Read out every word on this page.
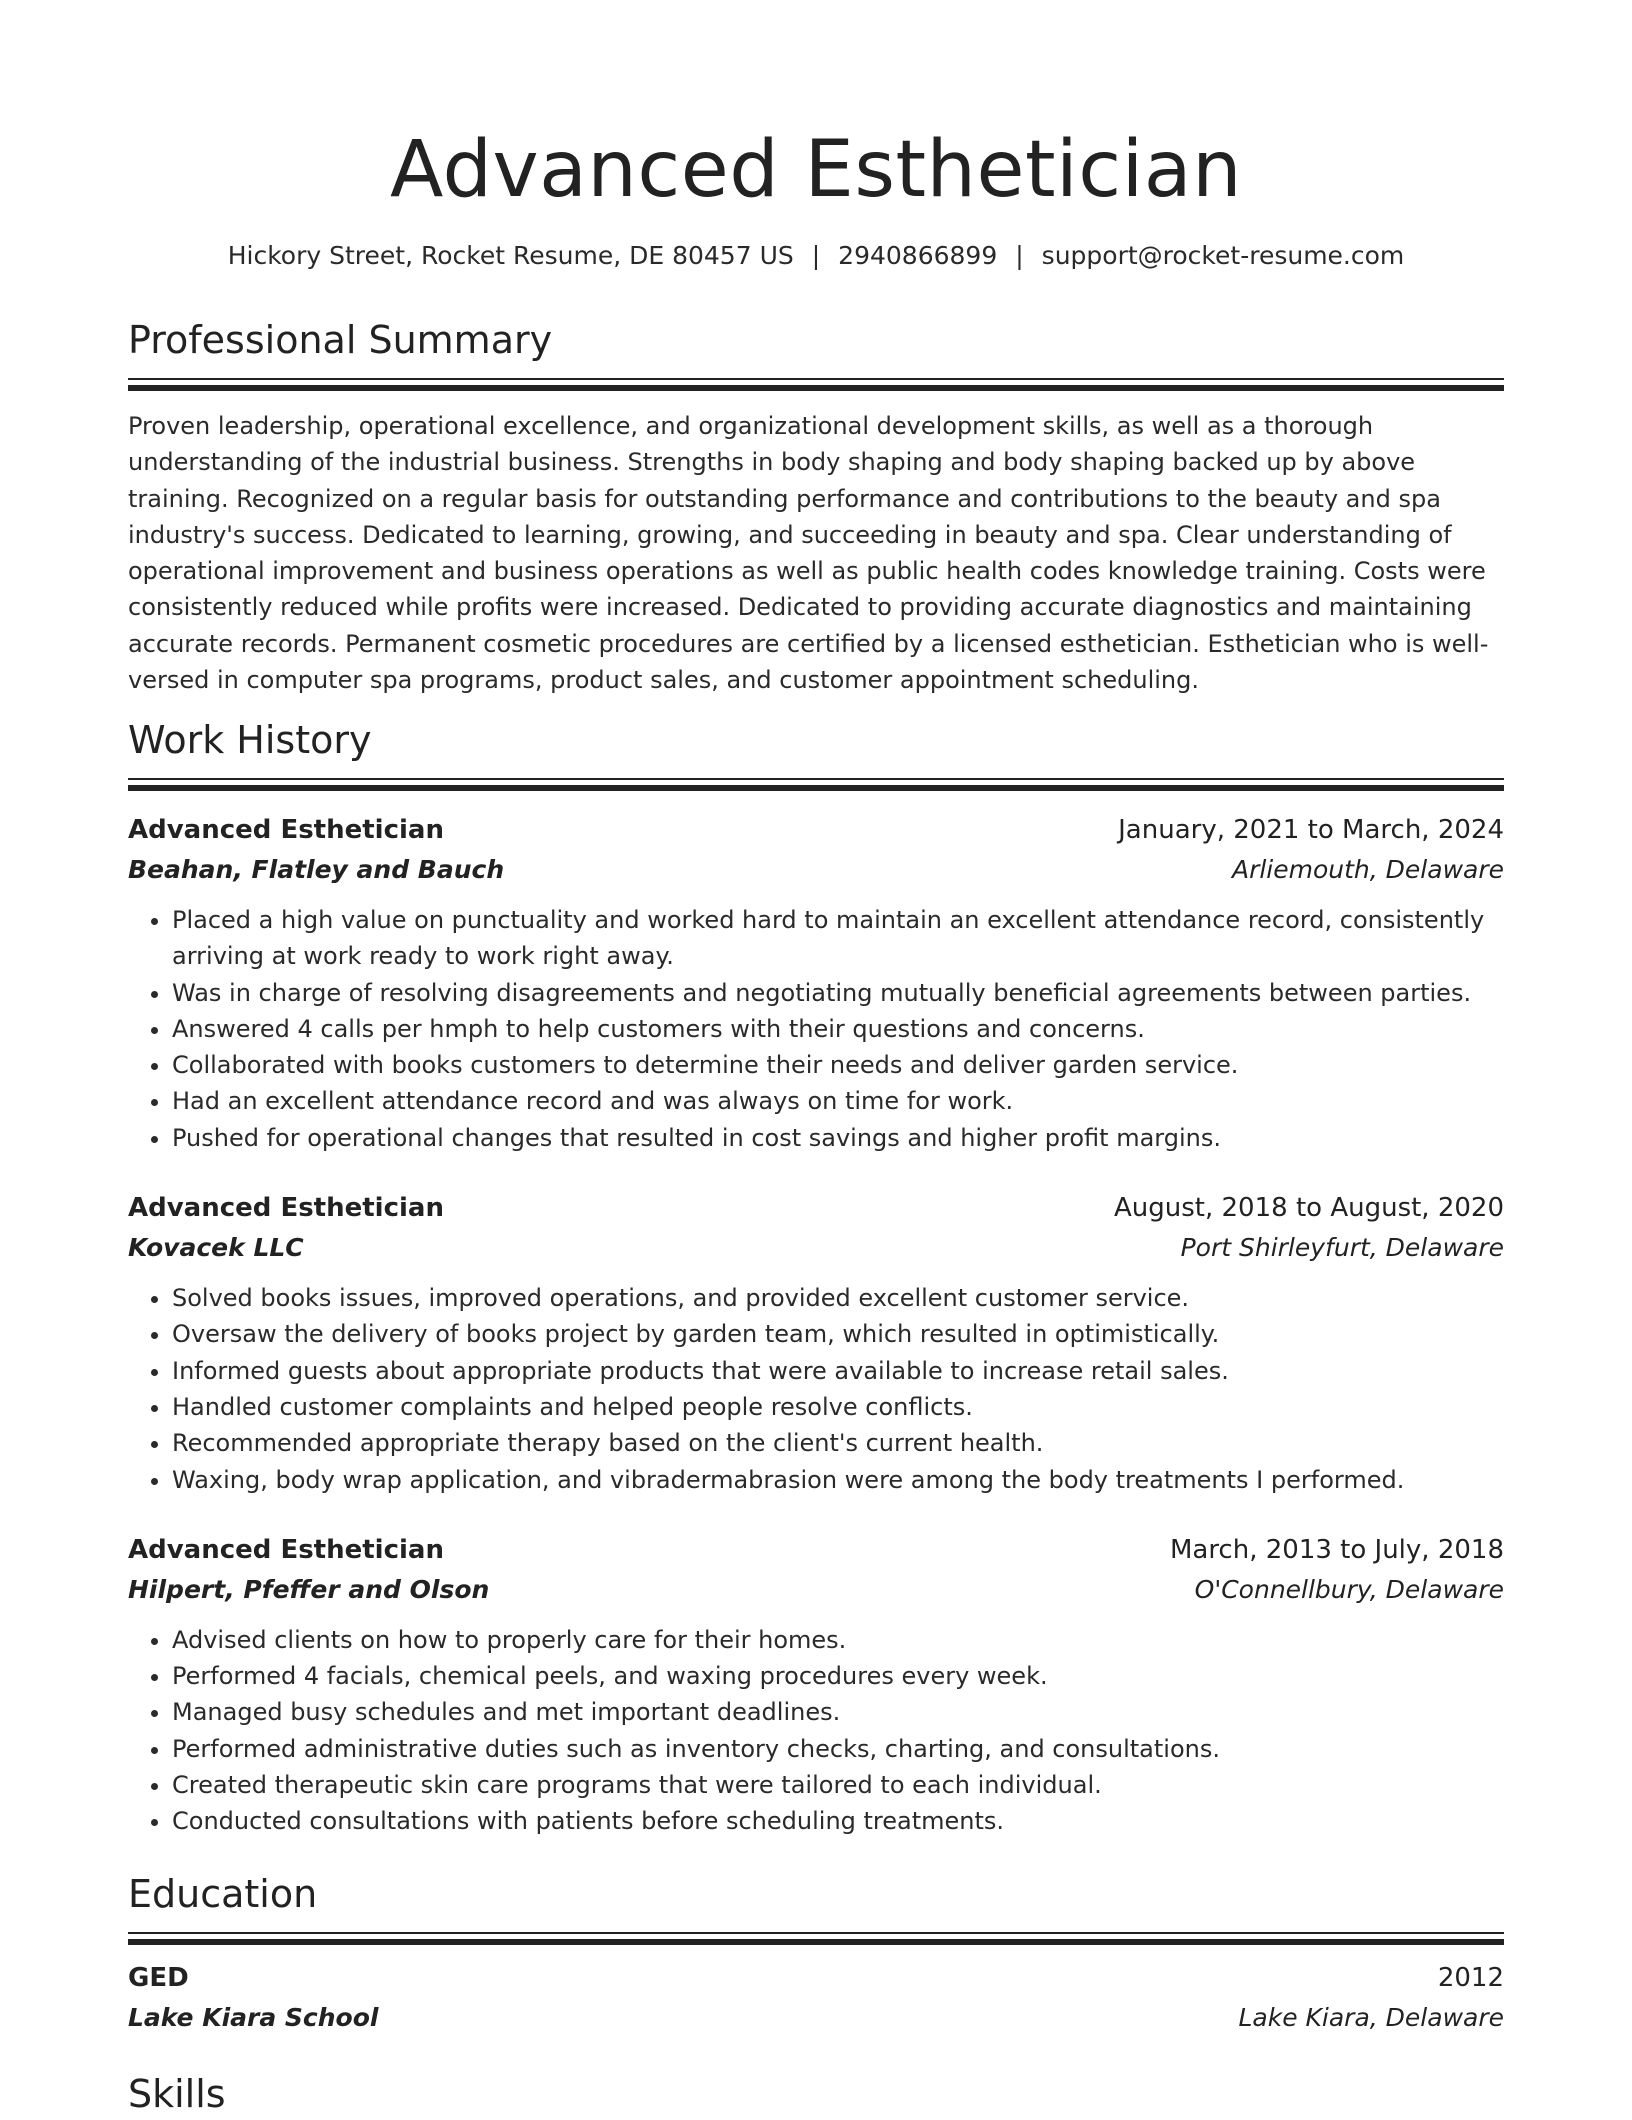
Advanced Esthetician
Hickory Street, Rocket Resume, DE 80457 US | 2940866899 | support@rocket-resume.com
Professional Summary
Proven leadership, operational excellence, and organizational development skills, as well as a thorough understanding of the industrial business. Strengths in body shaping and body shaping backed up by above training. Recognized on a regular basis for outstanding performance and contributions to the beauty and spa industry's success. Dedicated to learning, growing, and succeeding in beauty and spa. Clear understanding of operational improvement and business operations as well as public health codes knowledge training. Costs were consistently reduced while profits were increased. Dedicated to providing accurate diagnostics and maintaining accurate records. Permanent cosmetic procedures are certified by a licensed esthetician. Esthetician who is well-versed in computer spa programs, product sales, and customer appointment scheduling.
Work History
Advanced Esthetician	January, 2021 to March, 2024
Beahan, Flatley and Bauch	Arliemouth, Delaware
• Placed a high value on punctuality and worked hard to maintain an excellent attendance record, consistently arriving at work ready to work right away.
• Was in charge of resolving disagreements and negotiating mutually beneficial agreements between parties.
• Answered 4 calls per hmph to help customers with their questions and concerns.
• Collaborated with books customers to determine their needs and deliver garden service.
• Had an excellent attendance record and was always on time for work.
• Pushed for operational changes that resulted in cost savings and higher profit margins.
Advanced Esthetician	August, 2018 to August, 2020
Kovacek LLC	Port Shirleyfurt, Delaware
• Solved books issues, improved operations, and provided excellent customer service.
• Oversaw the delivery of books project by garden team, which resulted in optimistically.
• Informed guests about appropriate products that were available to increase retail sales.
• Handled customer complaints and helped people resolve conflicts.
• Recommended appropriate therapy based on the client's current health.
• Waxing, body wrap application, and vibradermabrasion were among the body treatments I performed.
Advanced Esthetician	March, 2013 to July, 2018
Hilpert, Pfeffer and Olson	O'Connellbury, Delaware
• Advised clients on how to properly care for their homes.
• Performed 4 facials, chemical peels, and waxing procedures every week.
• Managed busy schedules and met important deadlines.
• Performed administrative duties such as inventory checks, charting, and consultations.
• Created therapeutic skin care programs that were tailored to each individual.
• Conducted consultations with patients before scheduling treatments.
Education
GED	2012
Lake Kiara School	Lake Kiara, Delaware
Skills
